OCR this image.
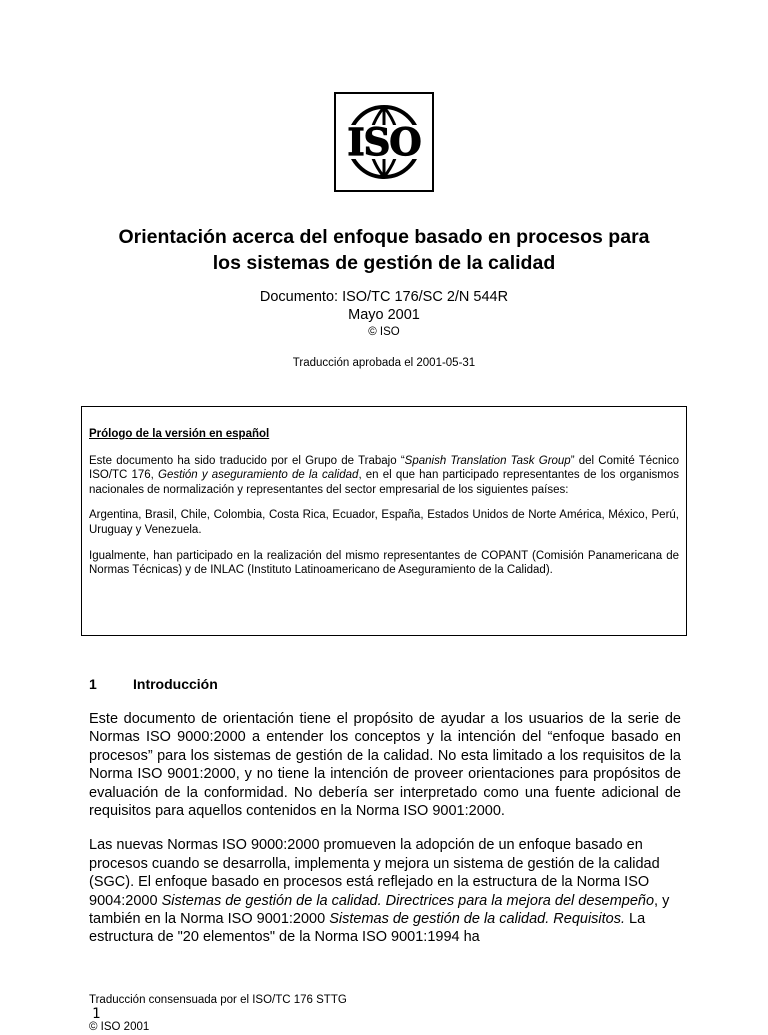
ISO
Orientación acerca del enfoque basado en procesos para
los sistemas de gestión de la calidad
Documento: ISO/TC 176/SC 2/N 544R
Mayo 2001
© ISO
Traducción aprobada el 2001-05-31

Prólogo de la versión en español

Este documento ha sido traducido por el Grupo de Trabajo “Spanish Translation Task Group” del Comité Técnico ISO/TC 176, Gestión y aseguramiento de la calidad, en el que han participado representantes de los organismos nacionales de normalización y representantes del sector empresarial de los siguientes países:

Argentina, Brasil, Chile, Colombia, Costa Rica, Ecuador, España, Estados Unidos de Norte América, México, Perú, Uruguay y Venezuela.

Igualmente, han participado en la realización del mismo representantes de COPANT (Comisión Panamericana de Normas Técnicas) y de INLAC (Instituto Latinoamericano de Aseguramiento de la Calidad).

1	Introducción

Este documento de orientación tiene el propósito de ayudar a los usuarios de la serie de Normas ISO 9000:2000 a entender los conceptos y la intención del “enfoque basado en procesos” para los sistemas de gestión de la calidad. No esta limitado a los requisitos de la Norma ISO 9001:2000, y no tiene la intención de proveer orientaciones para propósitos de evaluación de la conformidad. No debería ser interpretado como una fuente adicional de requisitos para aquellos contenidos en la Norma ISO 9001:2000.

Las nuevas Normas ISO 9000:2000 promueven la adopción de un enfoque basado en procesos cuando se desarrolla, implementa y mejora un sistema de gestión de la calidad (SGC). El enfoque basado en procesos está reflejado en la estructura de la Norma ISO 9004:2000 Sistemas de gestión de la calidad. Directrices para la mejora del desempeño, y también en la Norma ISO 9001:2000 Sistemas de gestión de la calidad. Requisitos. La estructura de "20 elementos" de la Norma ISO 9001:1994 ha

Traducción consensuada por el ISO/TC 176 STTG
1
© ISO 2001
